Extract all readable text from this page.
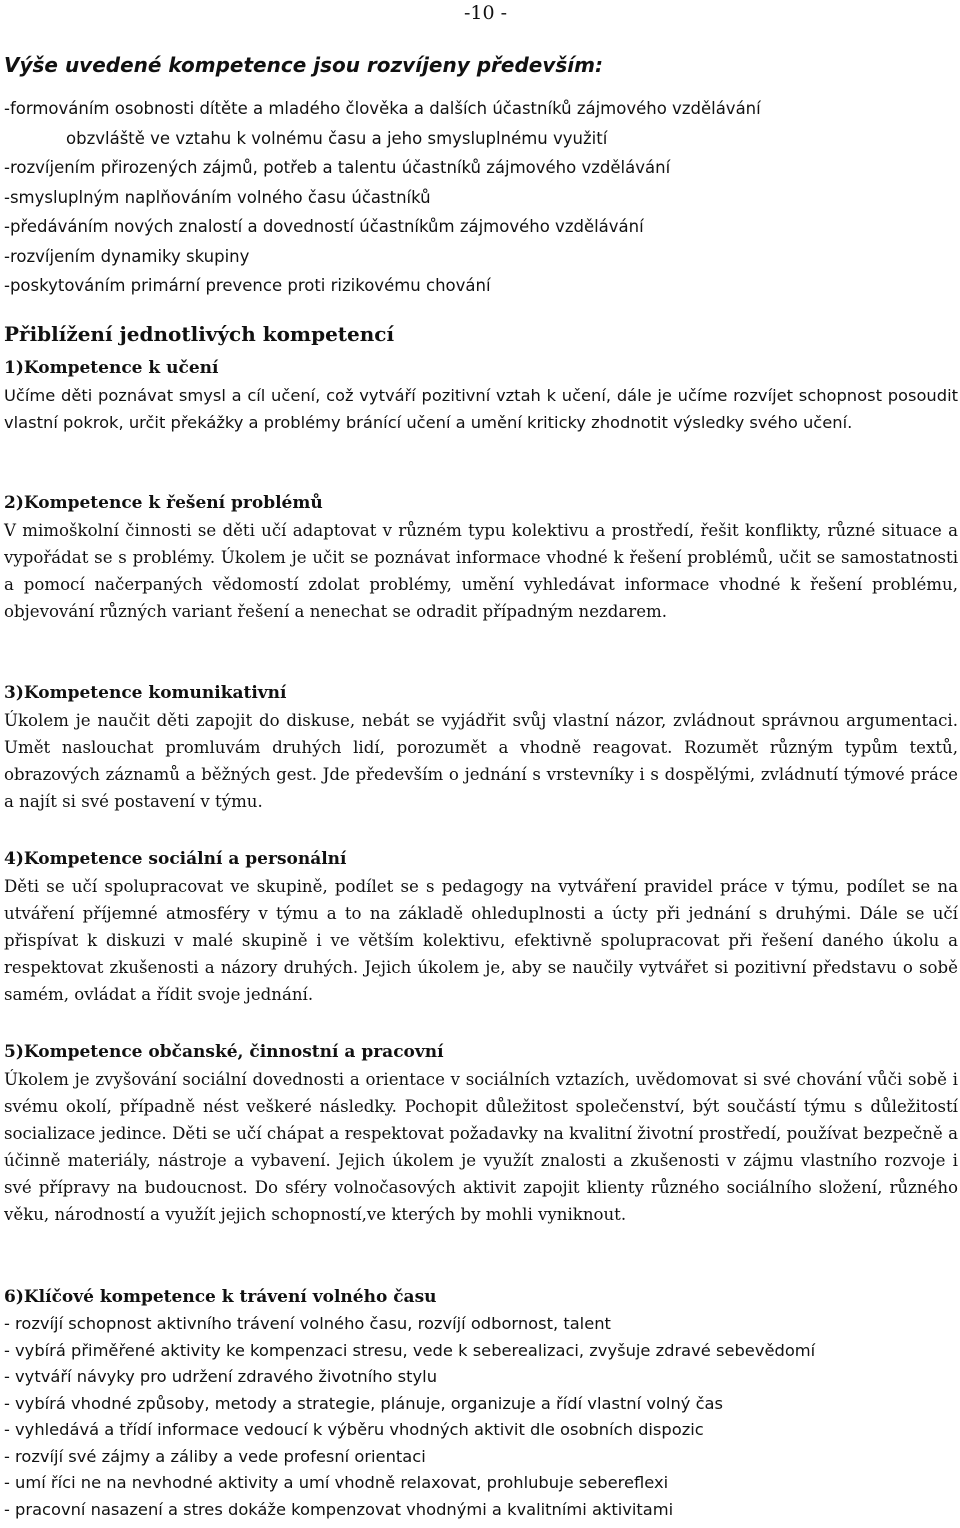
-10 -
Výše uvedené kompetence jsou rozvíjeny především:
-formováním osobnosti dítěte a mladého člověka a dalších účastníků zájmového vzdělávání
obzvláště ve vztahu k volnému času a jeho smysluplnému využití
-rozvíjením přirozených zájmů, potřeb a talentu účastníků zájmového vzdělávání
-smysluplným naplňováním volného času účastníků
-předáváním nových znalostí a dovedností účastníkům zájmového vzdělávání
-rozvíjením dynamiky skupiny
-poskytováním primární prevence proti rizikovému chování
Přiblížení jednotlivých kompetencí
1)Kompetence k učení
Učíme děti poznávat smysl a cíl učení, což vytváří pozitivní vztah k učení, dále je učíme rozvíjet schopnost posoudit vlastní pokrok, určit překážky a problémy bránící učení a umění kriticky zhodnotit výsledky svého učení.
2)Kompetence k řešení problémů
V mimoškolní činnosti se děti učí adaptovat v různém typu kolektivu a prostředí, řešit konflikty, různé situace a vypořádat se s problémy. Úkolem je učit se poznávat informace vhodné k řešení problémů, učit se samostatnosti a pomocí načerpaných vědomostí zdolat problémy, umění vyhledávat informace vhodné k řešení problému, objevování různých variant řešení a nenechat se odradit případným nezdarem.
3)Kompetence komunikativní
Úkolem je naučit děti zapojit do diskuse, nebát se vyjádřit svůj vlastní názor, zvládnout správnou argumentaci. Umět naslouchat promluvám druhých lidí, porozumět a vhodně reagovat. Rozumět různým typům textů, obrazových záznamů a běžných gest. Jde především o jednání s vrstevníky i s dospělými, zvládnutí týmové práce a najít si své postavení v týmu.
4)Kompetence sociální a personální
Děti se učí spolupracovat ve skupině, podílet se s pedagogy na vytváření pravidel práce v týmu, podílet se na utváření příjemné atmosféry v týmu a to na základě ohleduplnosti a úcty při jednání s druhými. Dále se učí přispívat k diskuzi v malé skupině i ve větším kolektivu, efektivně spolupracovat při řešení daného úkolu a respektovat zkušenosti a názory druhých. Jejich úkolem je, aby se naučily vytvářet si pozitivní představu o sobě samém, ovládat a řídit svoje jednání.
5)Kompetence občanské, činnostní a pracovní
Úkolem je zvyšování sociální dovednosti a orientace v sociálních vztazích, uvědomovat si své chování vůči sobě i svému okolí, případně nést veškeré následky. Pochopit důležitost společenství, být součástí týmu s důležitostí socializace jedince. Děti se učí chápat a respektovat požadavky na kvalitní životní prostředí, používat bezpečně a účinně materiály, nástroje a vybavení. Jejich úkolem je využít znalosti a zkušenosti v zájmu vlastního rozvoje i své přípravy na budoucnost. Do sféry volnočasových aktivit zapojit klienty různého sociálního složení, různého věku, národností a využít jejich schopností,ve kterých by mohli vyniknout.
6)Klíčové kompetence k trávení volného času
- rozvíjí schopnost aktivního trávení volného času, rozvíjí odbornost, talent
- vybírá přiměřené aktivity ke kompenzaci stresu, vede k seberealizaci, zvyšuje zdravé sebevědomí
- vytváří návyky pro udržení zdravého životního stylu
- vybírá vhodné způsoby, metody a strategie, plánuje, organizuje a řídí vlastní volný čas
- vyhledává a třídí informace vedoucí k výběru vhodných aktivit dle osobních dispozic
- rozvíjí své zájmy a záliby a vede profesní orientaci
- umí říci ne na nevhodné aktivity a umí vhodně relaxovat, prohlubuje sebereflexi
- pracovní nasazení a stres dokáže kompenzovat vhodnými a kvalitními aktivitami
